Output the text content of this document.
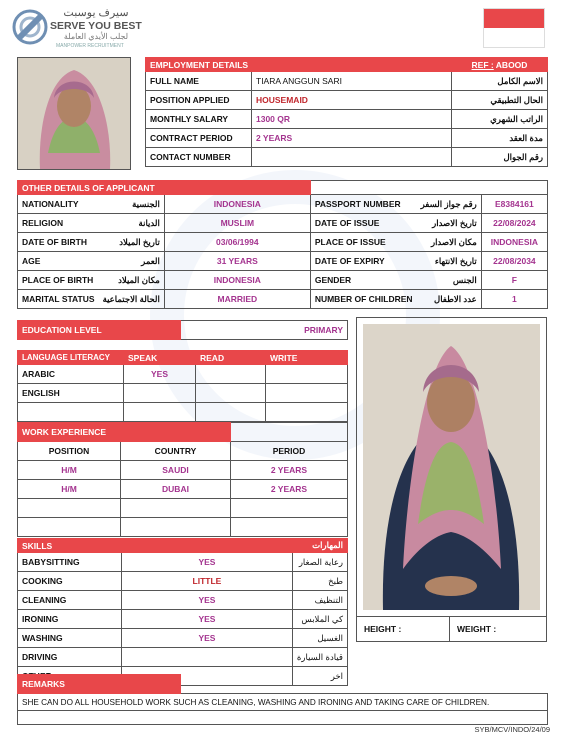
سيرف يوسبت
SERVE YOU BEST
لجلب الأيدي العاملة
MANPOWER RECRUITMENT
EMPLOYMENT DETAILS		REF : ABOOD
FULL NAME	TIARA ANGGUN SARI	الاسم الكامل
POSITION APPLIED	HOUSEMAID	الحال التطبيقي
MONTHLY SALARY	1300 QR	الراتب الشهري
CONTRACT PERIOD	2 YEARS	مدة العقد
CONTACT NUMBER		رقم الجوال
OTHER DETAILS OF APPLICANT					
NATIONALITY	الجنسية	INDONESIA	PASSPORT NUMBER	رقم جواز السفر	E8384161
RELIGION	الديانة	MUSLIM	DATE OF ISSUE	تاريخ الاصدار	22/08/2024
DATE OF BIRTH	تاريخ الميلاد	03/06/1994	PLACE OF ISSUE	مكان الاصدار	INDONESIA
AGE	العمر	31 YEARS	DATE OF EXPIRY	تاريخ الانتهاء	22/08/2034
PLACE OF BIRTH	مكان الميلاد	INDONESIA	GENDER	الجنس	F
MARITAL STATUS	الحالة الاجتماعية	MARRIED	NUMBER OF CHILDREN	عدد الاطفال	1
EDUCATION LEVEL	PRIMARY
LANGUAGE LITERACY	SPEAK	READ	WRITE
ARABIC	YES		
ENGLISH			

WORK EXPERIENCE		
POSITION	COUNTRY	PERIOD
H/M	SAUDI	2 YEARS
H/M	DUBAI	2 YEARS

SKILLS		المهارات
BABYSITTING	YES	رعاية الصغار
COOKING	LITTLE	طبخ
CLEANING	YES	التنظيف
IRONING	YES	كي الملابس
WASHING	YES	الغسيل
DRIVING		قيادة السيارة
		اخر
HEIGHT :	WEIGHT :
REMARKS	
SHE CAN DO ALL HOUSEHOLD WORK SUCH AS CLEANING, WASHING AND IRONING AND TAKING CARE OF CHILDREN.

SYB/MCV/INDO/24/09
